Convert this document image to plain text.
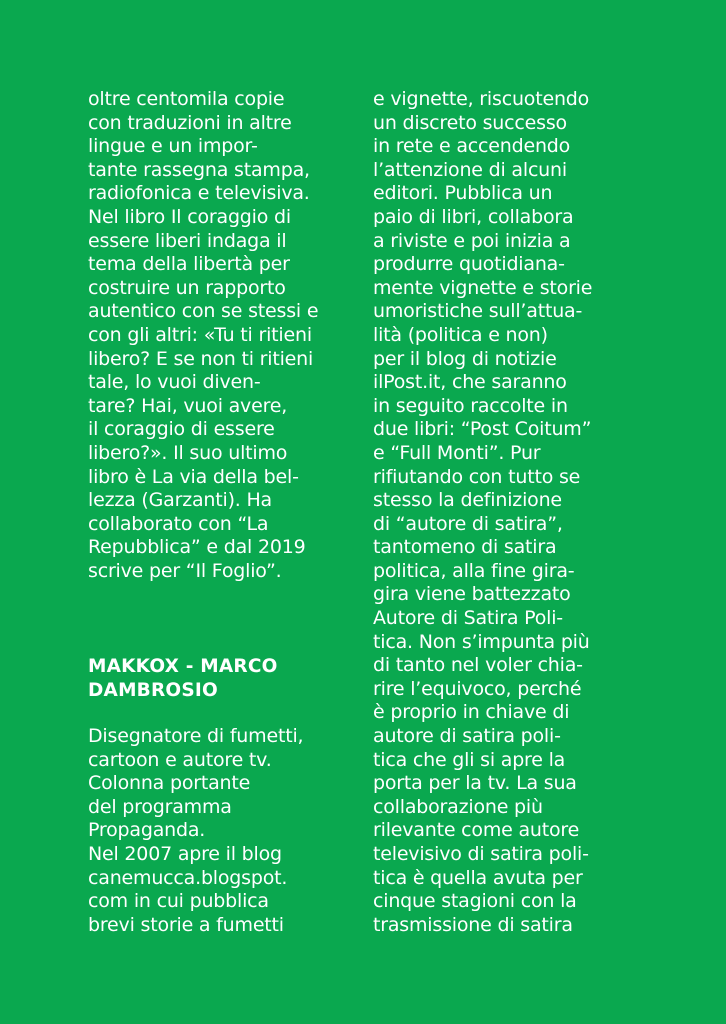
oltre centomila copie
con traduzioni in altre
lingue e un impor-
tante rassegna stampa,
radiofonica e televisiva.
Nel libro Il coraggio di
essere liberi indaga il
tema della libertà per
costruire un rapporto
autentico con se stessi e
con gli altri: «Tu ti ritieni
libero? E se non ti ritieni
tale, lo vuoi diven-
tare? Hai, vuoi avere,
il coraggio di essere
libero?». Il suo ultimo
libro è La via della bel-
lezza (Garzanti). Ha
collaborato con “La
Repubblica” e dal 2019
scrive per “Il Foglio”.
MAKKOX - MARCO
DAMBROSIO
Disegnatore di fumetti,
cartoon e autore tv.
Colonna portante
del programma
Propaganda.
Nel 2007 apre il blog
canemucca.blogspot.
com in cui pubblica
brevi storie a fumetti
e vignette, riscuotendo
un discreto successo
in rete e accendendo
l’attenzione di alcuni
editori. Pubblica un
paio di libri, collabora
a riviste e poi inizia a
produrre quotidiana-
mente vignette e storie
umoristiche sull’attua-
lità (politica e non)
per il blog di notizie
ilPost.it, che saranno
in seguito raccolte in
due libri: “Post Coitum”
e “Full Monti”. Pur
rifiutando con tutto se
stesso la definizione
di “autore di satira”,
tantomeno di satira
politica, alla fine gira-
gira viene battezzato
Autore di Satira Poli-
tica. Non s’impunta più
di tanto nel voler chia-
rire l’equivoco, perché
è proprio in chiave di
autore di satira poli-
tica che gli si apre la
porta per la tv. La sua
collaborazione più
rilevante come autore
televisivo di satira poli-
tica è quella avuta per
cinque stagioni con la
trasmissione di satira
